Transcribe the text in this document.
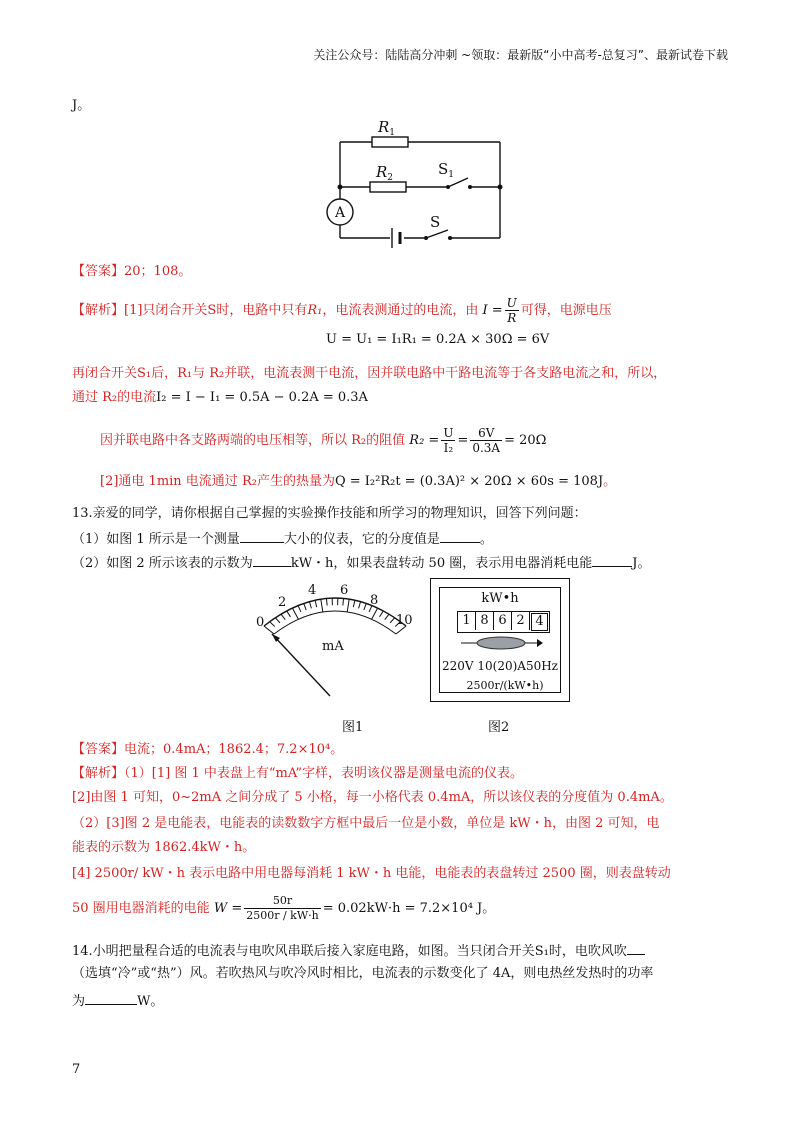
关注公众号：陆陆高分冲刺 ~领取：最新版“小中高考-总复习”、最新试卷下载
J。
A
$R_1$
$R_2$	$S_1$
S
【答案】20；108。
【解析】[1]只闭合开关S时，电路中只有R₁，电流表测通过的电流，由 $I = \frac{U}{R}$ 可得，电源电压
U = U₁ = I₁R₁ = 0.2A × 30Ω = 6V
再闭合开关S₁后，R₁与 R₂并联，电流表测干电流，因并联电路中干路电流等于各支路电流之和，所以，
通过 R₂的电流I₂ = I − I₁ = 0.5A − 0.2A = 0.3A
因并联电路中各支路两端的电压相等，所以 R₂的阻值 $R_2 = \frac{U}{\text{I₂}} = \frac{6V}{0.3A} = 20\Omega$
[2]通电 1min 电流通过 R₂产生的热量为Q = I₂²R₂t = (0.3A)² × 20Ω × 60s = 108J。
13.亲爱的同学，请你根据自己掌握的实验操作技能和所学习的物理知识，回答下列问题：
（1）如图 1 所示是一个测量	大小的仪表，它的分度值是	。
（2）如图 2 所示该表的示数为	kW・h，如果表盘转动 50 圈，表示用电器消耗电能	J。
0
2
4 6
8
10
mA
图1
kW•h
1 8 6 2 4
220V 10(20)A50Hz
2500r/(kW•h)
图2
【答案】电流；0.4mA；1862.4；7.2×10⁴。
【解析】（1）[1] 图 1 中表盘上有“mA”字样，表明该仪器是测量电流的仪表。
[2]由图 1 可知，0~2mA 之间分成了 5 小格，每一小格代表 0.4mA，所以该仪表的分度值为 0.4mA。
（2）[3]图 2 是电能表，电能表的读数数字方框中最后一位是小数，单位是 kW・h，由图 2 可知，电
能表的示数为 1862.4kW・h。
[4] 2500r/ kW・h 表示电路中用电器每消耗 1 kW・h 电能，电能表的表盘转过 2500 圈，则表盘转动
50 圈用电器消耗的电能 $W = \frac{50r}{2500r / kW\cdot h} = 0.02kW\cdot h = 7.2\times 10^4$ J。
14.小明把量程合适的电流表与电吹风串联后接入家庭电路，如图。当只闭合开关S₁时，电吹风吹
（选填“冷”或“热”）风。若吹热风与吹冷风时相比，电流表的示数变化了 4A，则电热丝发热时的功率
为	W。
7
